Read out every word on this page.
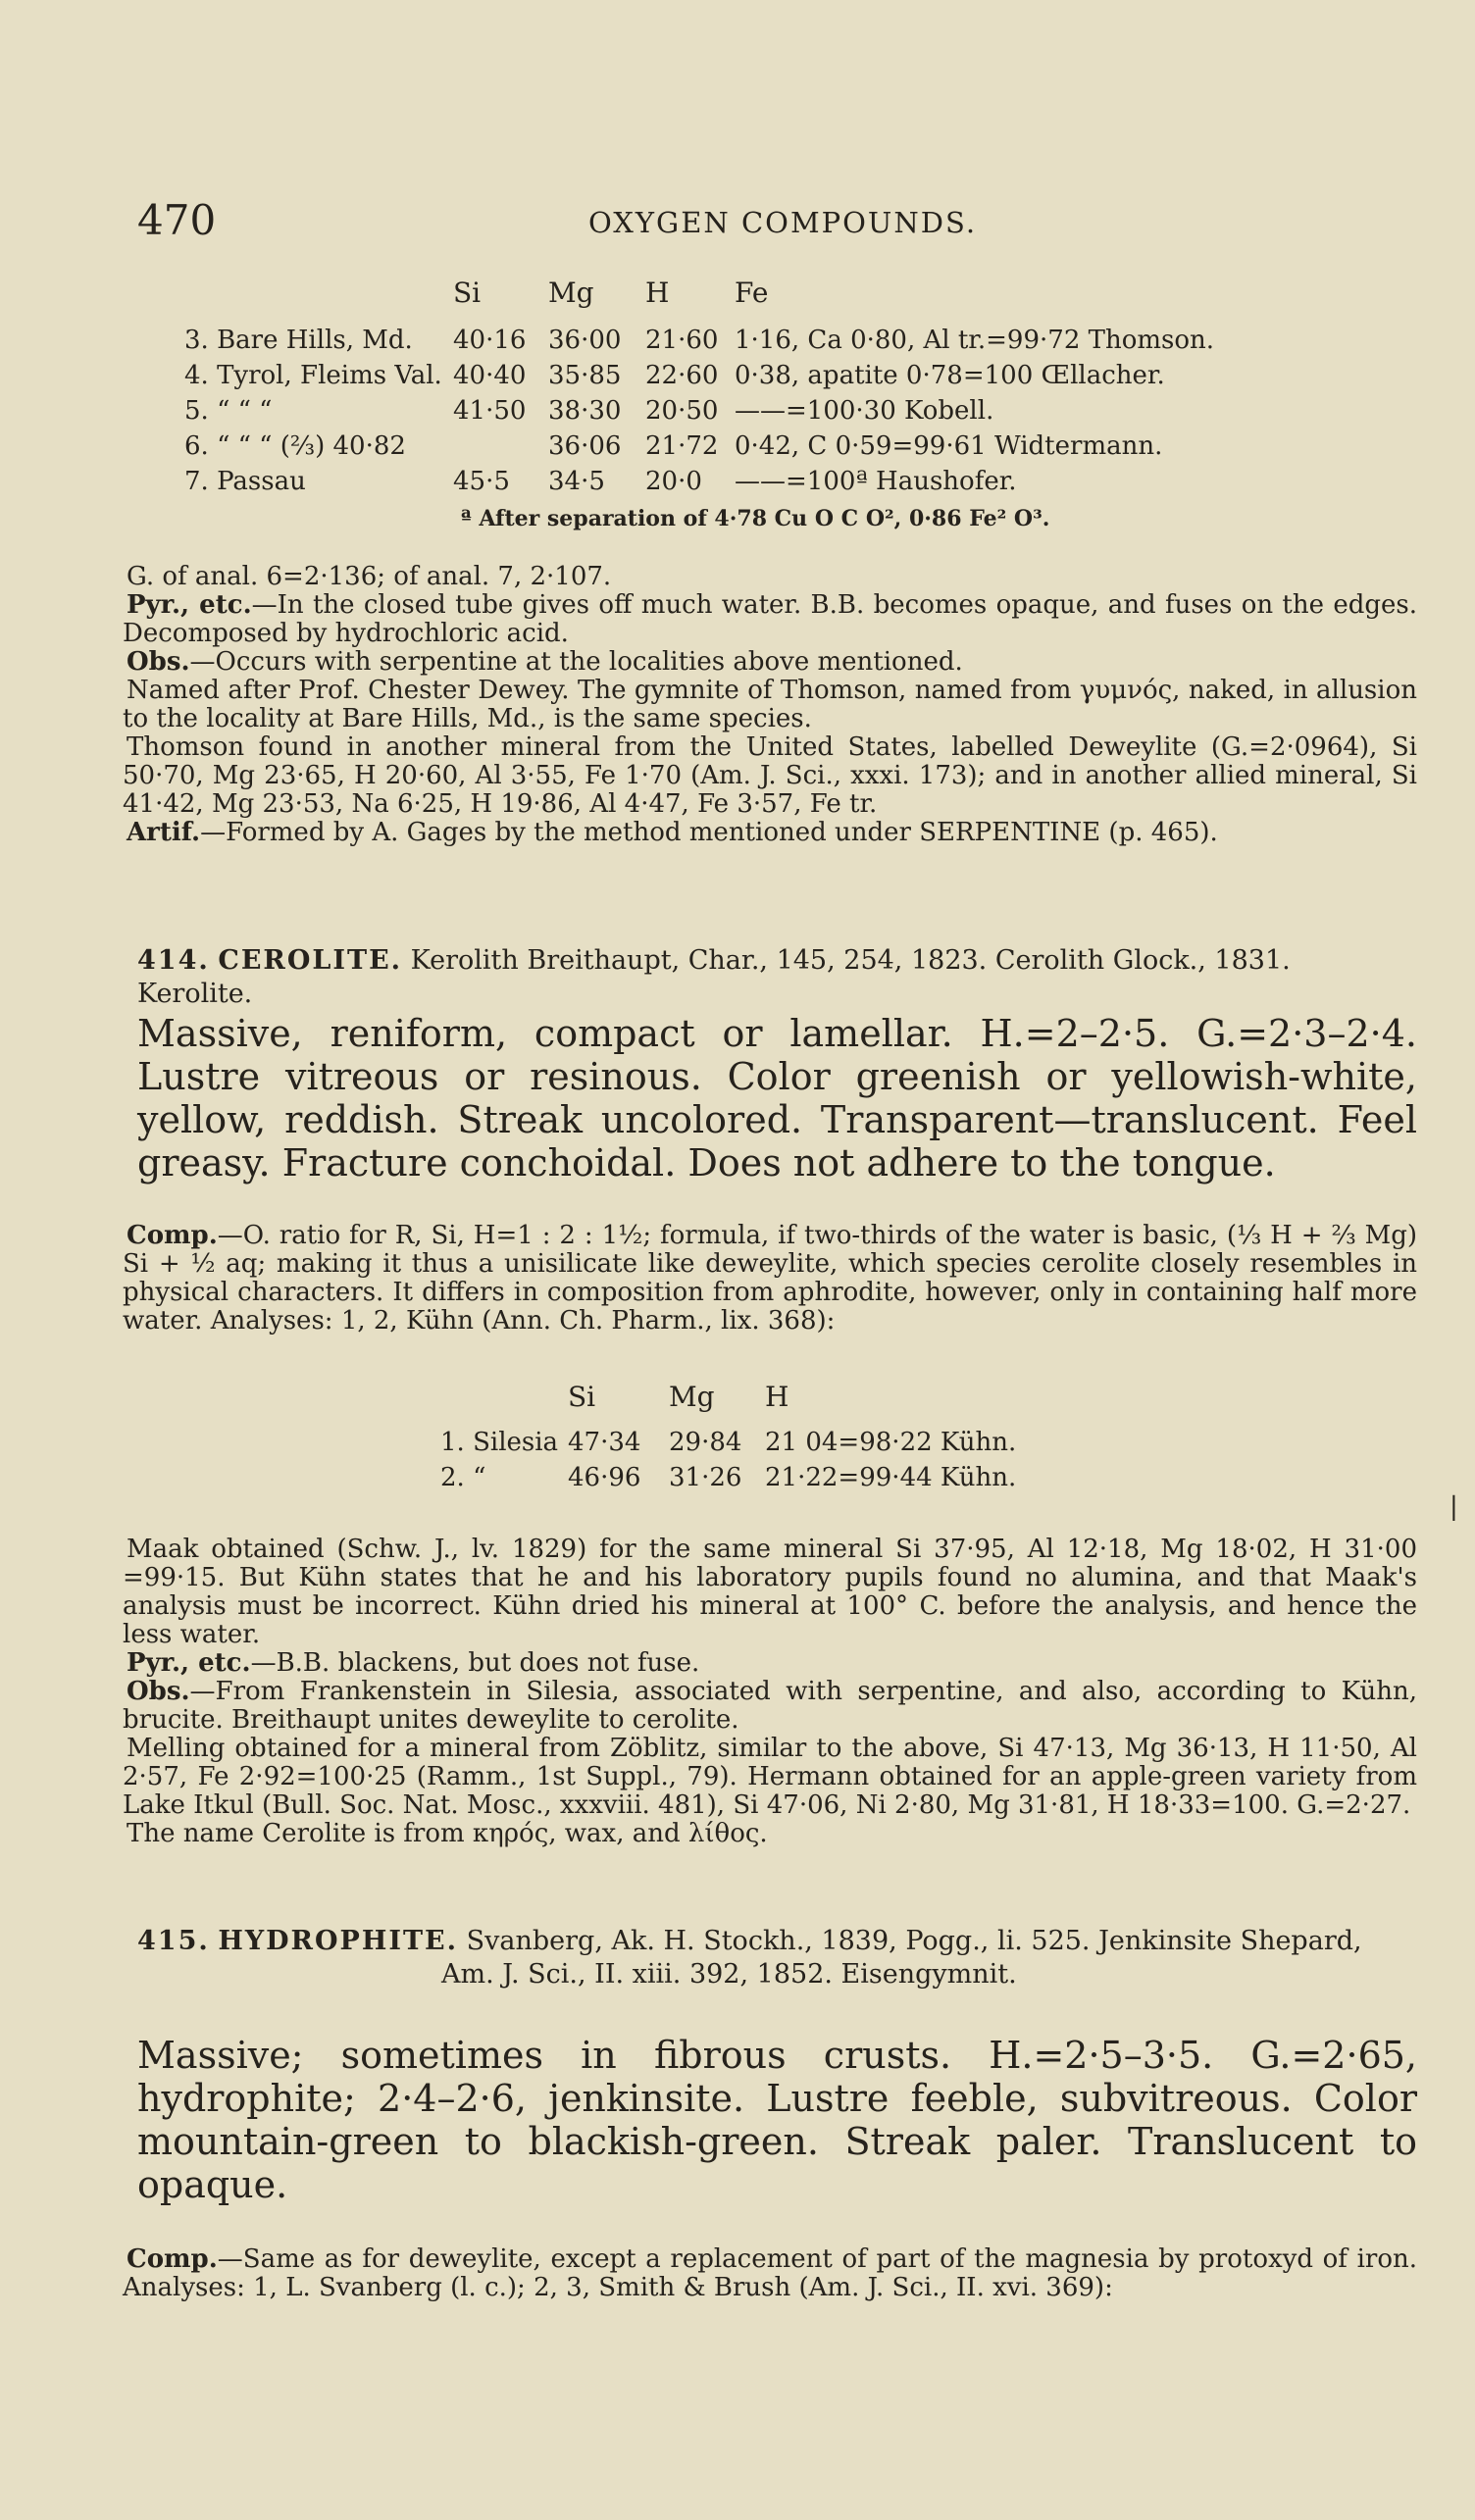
470	OXYGEN COMPOUNDS.
	Si	Mg	H	Fe
3. Bare Hills, Md.	40·16	36·00	21·60	1·16, Ca 0·80, Al tr.=99·72 Thomson.
4. Tyrol, Fleims Val.	40·40	35·85	22·60	0·38, apatite 0·78=100 Œllacher.
5. “ “ “	41·50	38·30	20·50	——=100·30 Kobell.
6. “ “ “ (⅔) 40·82		36·06	21·72	0·42, C 0·59=99·61 Widtermann.
7. Passau	45·5	34·5	20·0	——=100ª Haushofer.
ª After separation of 4·78 Cu O C O², 0·86 Fe² O³.

G. of anal. 6=2·136; of anal. 7, 2·107.

Pyr., etc.—In the closed tube gives off much water. B.B. becomes opaque, and fuses on the edges. Decomposed by hydrochloric acid.

Obs.—Occurs with serpentine at the localities above mentioned.

Named after Prof. Chester Dewey. The gymnite of Thomson, named from γυμνός, naked, in allusion to the locality at Bare Hills, Md., is the same species.

Thomson found in another mineral from the United States, labelled Deweylite (G.=2·0964), Si 50·70, Mg 23·65, H 20·60, Al 3·55, Fe 1·70 (Am. J. Sci., xxxi. 173); and in another allied mineral, Si 41·42, Mg 23·53, Na 6·25, H 19·86, Al 4·47, Fe 3·57, Fe tr.

Artif.—Formed by A. Gages by the method mentioned under SERPENTINE (p. 465).

414. CEROLITE. Kerolith Breithaupt, Char., 145, 254, 1823. Cerolith Glock., 1831. Kerolite.
Massive, reniform, compact or lamellar. H.=2–2·5. G.=2·3–2·4. Lustre vitreous or resinous. Color greenish or yellowish-white, yellow, reddish. Streak uncolored. Transparent—translucent. Feel greasy. Fracture conchoidal. Does not adhere to the tongue.

Comp.—O. ratio for R, Si, H=1 : 2 : 1½; formula, if two-thirds of the water is basic, (⅓ H + ⅔ Mg) Si + ½ aq; making it thus a unisilicate like deweylite, which species cerolite closely resembles in physical characters. It differs in composition from aphrodite, however, only in containing half more water. Analyses: 1, 2, Kühn (Ann. Ch. Pharm., lix. 368):

	Si	Mg	H
1. Silesia	47·34	29·84	21 04=98·22 Kühn.
2. “	46·96	31·26	21·22=99·44 Kühn.
|

Maak obtained (Schw. J., lv. 1829) for the same mineral Si 37·95, Al 12·18, Mg 18·02, H 31·00 =99·15. But Kühn states that he and his laboratory pupils found no alumina, and that Maak's analysis must be incorrect. Kühn dried his mineral at 100° C. before the analysis, and hence the less water.

Pyr., etc.—B.B. blackens, but does not fuse.

Obs.—From Frankenstein in Silesia, associated with serpentine, and also, according to Kühn, brucite. Breithaupt unites deweylite to cerolite.

Melling obtained for a mineral from Zöblitz, similar to the above, Si 47·13, Mg 36·13, H 11·50, Al 2·57, Fe 2·92=100·25 (Ramm., 1st Suppl., 79). Hermann obtained for an apple-green variety from Lake Itkul (Bull. Soc. Nat. Mosc., xxxviii. 481), Si 47·06, Ni 2·80, Mg 31·81, H 18·33=100. G.=2·27.

The name Cerolite is from κηρός, wax, and λίθος.

415. HYDROPHITE. Svanberg, Ak. H. Stockh., 1839, Pogg., li. 525. Jenkinsite Shepard,
Am. J. Sci., II. xiii. 392, 1852. Eisengymnit.
Massive; sometimes in fibrous crusts. H.=2·5–3·5. G.=2·65, hydrophite; 2·4–2·6, jenkinsite. Lustre feeble, subvitreous. Color mountain-green to blackish-green. Streak paler. Translucent to opaque.

Comp.—Same as for deweylite, except a replacement of part of the magnesia by protoxyd of iron. Analyses: 1, L. Svanberg (l. c.); 2, 3, Smith & Brush (Am. J. Sci., II. xvi. 369):
